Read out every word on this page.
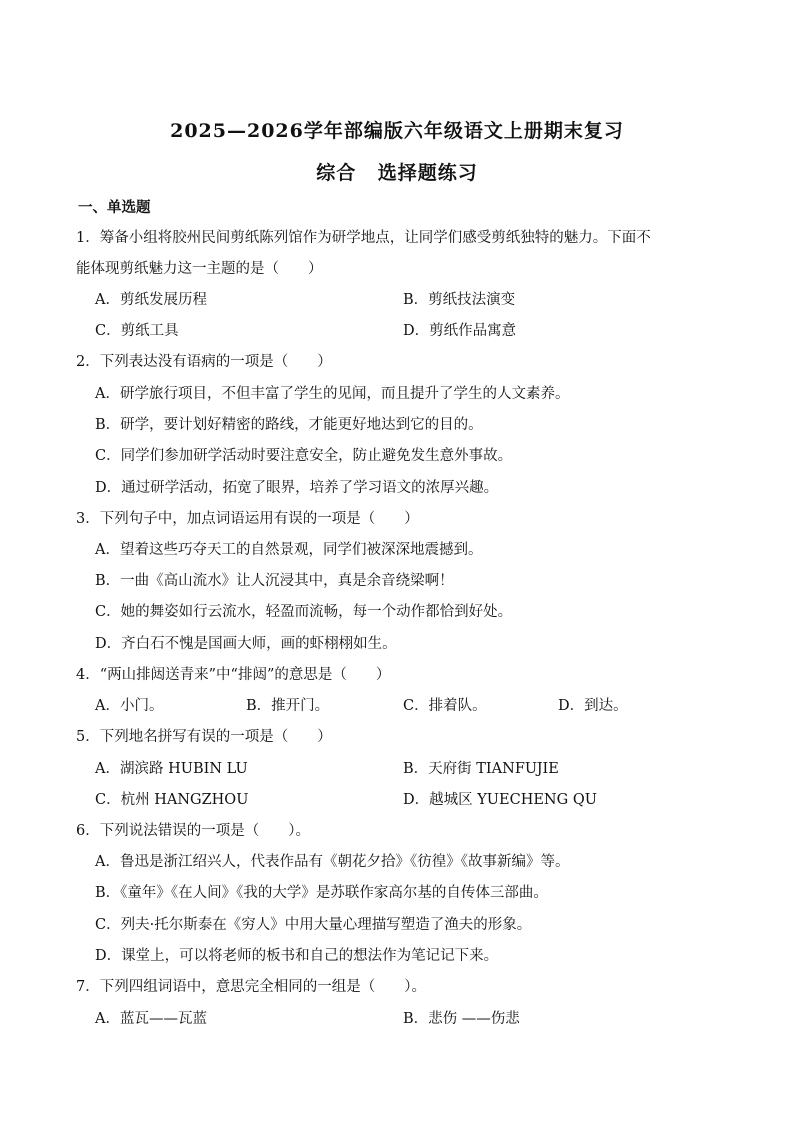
2025—2026学年部编版六年级语文上册期末复习
综合 选择题练习
一、单选题
1．筹备小组将胶州民间剪纸陈列馆作为研学地点，让同学们感受剪纸独特的魅力。下面不
能体现剪纸魅力这一主题的是（　　）
A．剪纸发展历程	B．剪纸技法演变
C．剪纸工具	D．剪纸作品寓意
2．下列表达没有语病的一项是（　　）
A．研学旅行项目，不但丰富了学生的见闻，而且提升了学生的人文素养。
B．研学，要计划好精密的路线，才能更好地达到它的目的。
C．同学们参加研学活动时要注意安全，防止避免发生意外事故。
D．通过研学活动，拓宽了眼界，培养了学习语文的浓厚兴趣。
3．下列句子中，加点词语运用有误的一项是（　　）
A．望着这些巧夺天工的自然景观，同学们被深深地震撼到。
B．一曲《高山流水》让人沉浸其中，真是余音绕梁啊！
C．她的舞姿如行云流水，轻盈而流畅，每一个动作都恰到好处。
D．齐白石不愧是国画大师，画的虾栩栩如生。
4．“两山排闼送青来”中“排闼”的意思是（　　）
A．小门。	B．推开门。	C．排着队。	D．到达。
5．下列地名拼写有误的一项是（　　）
A．湖滨路 HUBIN LU	B．天府街 TIANFUJIE
C．杭州 HANGZHOU	D．越城区 YUECHENG QU
6．下列说法错误的一项是（　　）。
A．鲁迅是浙江绍兴人，代表作品有《朝花夕拾》《彷徨》《故事新编》等。
B．《童年》《在人间》《我的大学》是苏联作家高尔基的自传体三部曲。
C．列夫·托尔斯泰在《穷人》中用大量心理描写塑造了渔夫的形象。
D．课堂上，可以将老师的板书和自己的想法作为笔记记下来。
7．下列四组词语中，意思完全相同的一组是（　　）。
A．蓝瓦——瓦蓝	B．悲伤 ——伤悲
